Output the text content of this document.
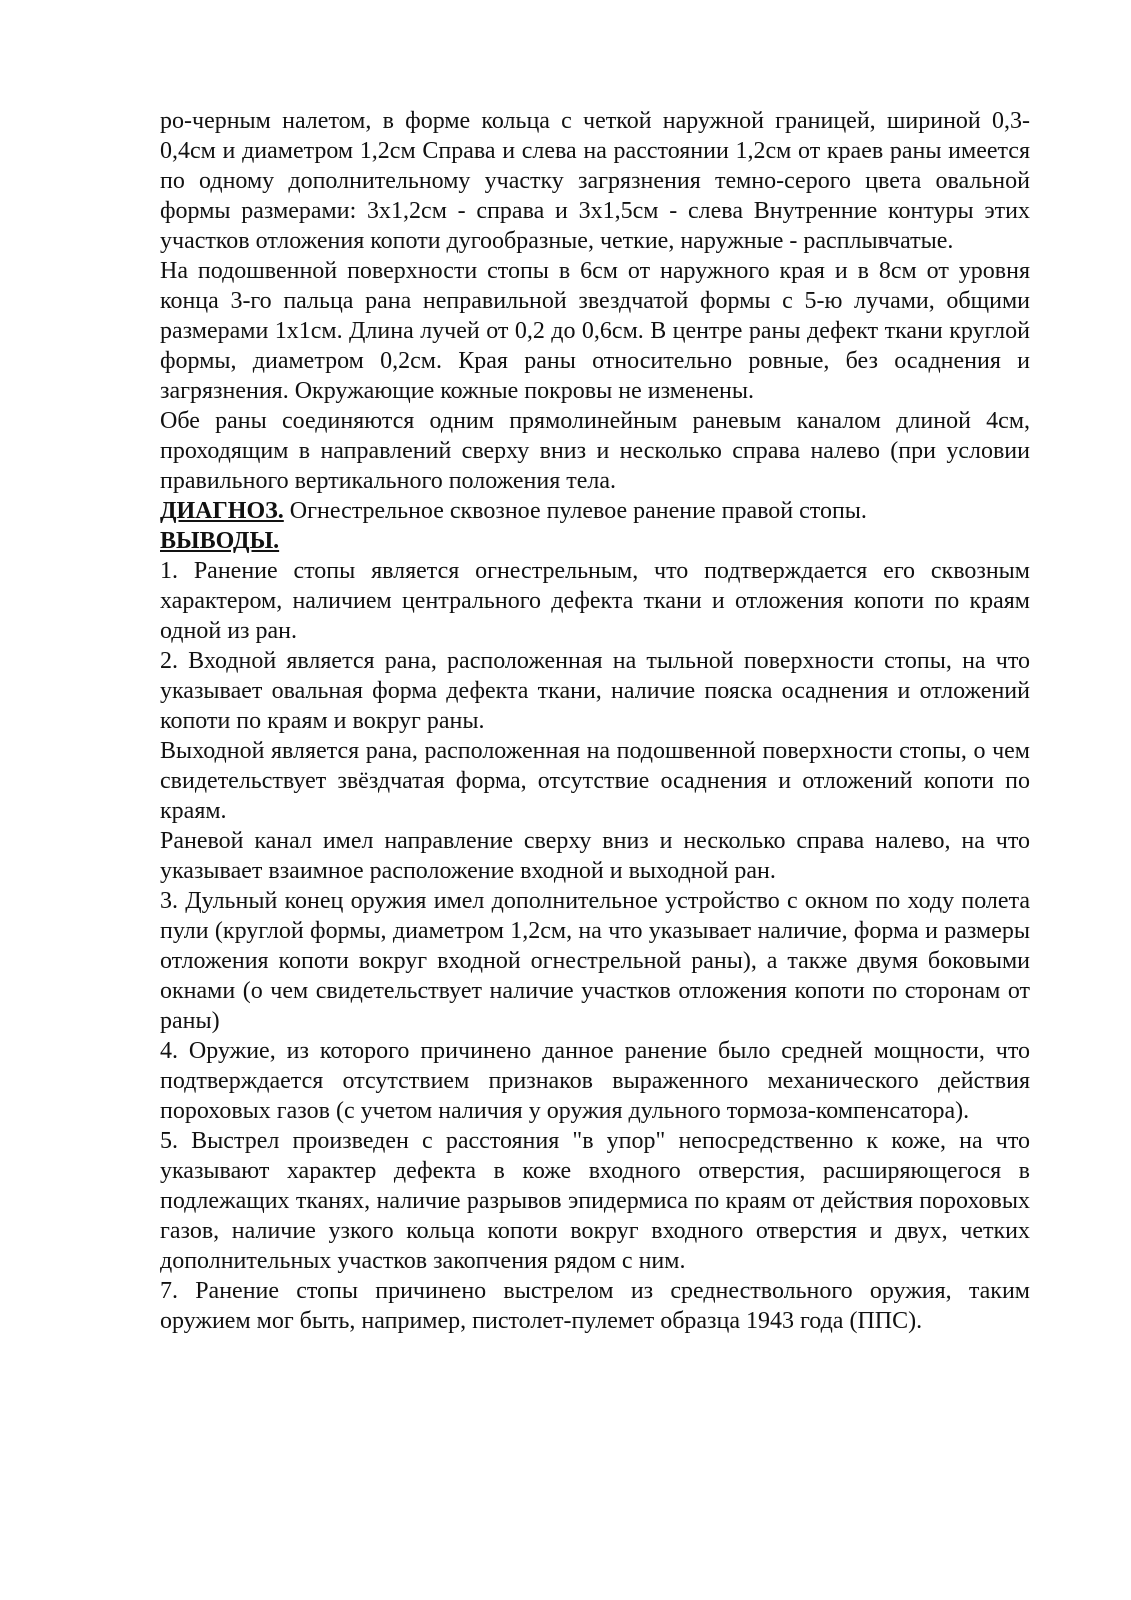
ро-черным налетом, в форме кольца с четкой наружной границей, шириной 0,3-0,4см и диаметром 1,2см Справа и слева на расстоянии 1,2см от краев раны имеется по одному дополнительному участку загрязнения темно-серого цвета овальной формы размерами: 3х1,2см - справа и 3х1,5см - слева Внутренние контуры этих участков отложения копоти дугообразные, четкие, наружные - расплывчатые.

На подошвенной поверхности стопы в 6см от наружного края и в 8см от уровня конца 3-го пальца рана неправильной звездчатой формы с 5-ю лучами, общими размерами 1х1см. Длина лучей от 0,2 до 0,6см. В центре раны дефект ткани круглой формы, диаметром 0,2см. Края раны относительно ровные, без осаднения и загрязнения. Окружающие кожные покровы не изменены.

Обе раны соединяются одним прямолинейным раневым каналом длиной 4см, проходящим в направлений сверху вниз и несколько справа налево (при условии правильного вертикального положения тела.

ДИАГНОЗ. Огнестрельное сквозное пулевое ранение правой стопы.

ВЫВОДЫ.

1. Ранение стопы является огнестрельным, что подтверждается его сквозным характером, наличием центрального дефекта ткани и отложения копоти по краям одной из ран.

2. Входной является рана, расположенная на тыльной поверхности стопы, на что указывает овальная форма дефекта ткани, наличие пояска осаднения и отложений копоти по краям и вокруг раны.

Выходной является рана, расположенная на подошвенной поверхности стопы, о чем свидетельствует звёздчатая форма, отсутствие осаднения и отложений копоти по краям.

Раневой канал имел направление сверху вниз и несколько справа налево, на что указывает взаимное расположение входной и выходной ран.

3. Дульный конец оружия имел дополнительное устройство с окном по ходу полета пули (круглой формы, диаметром 1,2см, на что указывает наличие, форма и размеры отложения копоти вокруг входной огнестрельной раны), а также двумя боковыми окнами (о чем свидетельствует наличие участков отложения копоти по сторонам от раны)

4. Оружие, из которого причинено данное ранение было средней мощности, что подтверждается отсутствием признаков выраженного механического действия пороховых газов (с учетом наличия у оружия дульного тормоза-компенсатора).

5. Выстрел произведен с расстояния "в упор" непосредственно к коже, на что указывают характер дефекта в коже входного отверстия, расширяющегося в подлежащих тканях, наличие разрывов эпидермиса по краям от действия пороховых газов, наличие узкого кольца копоти вокруг входного отверстия и двух, четких дополнительных участков закопчения рядом с ним.

7. Ранение стопы причинено выстрелом из среднествольного оружия, таким оружием мог быть, например, пистолет-пулемет образца 1943 года (ППС).
